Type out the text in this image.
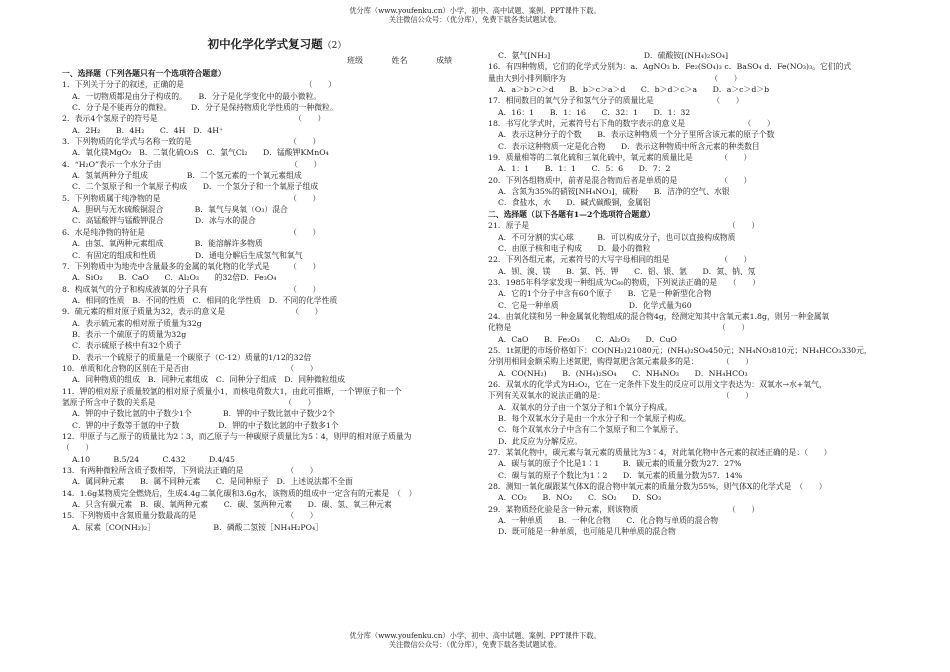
优分库（www.youfenku.cn）小学、初中、高中试题、案例、PPT课件下载。
关注微信公众号：（优分库），免费下载各类试题试卷。
初中化学化学式复习题（2）
班级 姓名 成绩
一、选择题（下列各题只有一个选项符合题意）
1．下列关于分子的叙述，正确的是　　　　　　　　　　　　　　　　（　　）
A．一切物质都是由分子构成的。　　B．分子是化学变化中的最小微粒。
C．分子是不能再分的微粒。　　　D．分子是保持物质化学性质的一种微粒。
2．表示4个氢原子的符号是　　　　　　　　　　　　　　　　　　（　　）
A．2H₂　　B．4H₂　　C．4H　D．4H⁺
3．下列物质的化学式与名称一致的是　　　　　　　　　　　　　（　　）
A．氧化镁MgO₂　B．二氧化硫O₂S　C．氯气Cl₂　　D．锰酸钾KMnO₄
4．“H₂O”表示一个水分子由　　　　　　　　　　　　　　　　　（　　）
A．氢氧两种分子组成　　　　　B．二个氢元素的一个氧元素组成
C．二个氢原子和一个氧原子构成　　D．一个氢分子和一个氧原子组成
5．下列物质属于纯净物的是　　　　　　　　　　　　　　　　　（　　）
A．胆矾与无水硫酸铜混合　　　　B．氧气与臭氧（O₃）混合
C．高锰酸钾与锰酸钾混合　　　　D．冰与水的混合
6．水是纯净物的特征是　　　　　　　　　　　　　　　　　　　（　　）
A．由氢、氧两种元素组成　　　　B．能溶解许多物质
C．有固定的组成和性质　　　　　D．通电分解后生成氢气和氧气
7．下列物质中为地壳中含量最多的金属的氧化物的化学式是　　　（　　）
A．SiO₂　　B．CaO　　C．Al₂O₃　　的32倍D．Fe₃O₄
8．构成氧气的分子和构成液氧的分子具有　　　　　　　　　　　（　　）
A．相同的性质　B．不同的性质　C．相同的化学性质　D．不同的化学性质
9．硫元素的相对原子质量为32，表示的意义是　　　　　　　　　（　　）
A．表示硫元素的相对原子质量为32g
B．表示一个硫原子的质量为32g
C．表示硫原子核中有32个质子
D．表示一个硫原子的质量是一个碳原子（C-12）质量的1/12的32倍
10．单质和化合物的区别在于是否由　　　　　　　　　　　　　（　　）
A．同种物质的组成　B．同种元素组成　C．同种分子组成　D．同种微粒组成
11．钾的相对原子质量较氩的相对原子质量小1，而核电荷数大1，由此可推断，一个钾原子和一个
氩原子所含中子数的关系是　　　　　　　　　　　　　　　　　（　　）
A．钾的中子数比氩的中子数少1个　　　　B．钾的中子数比氩中子数少2个
C．钾的中子数等于氩的中子数　　　　　D．钾的中子数比氩的中子数多1个
12．甲原子与乙原子的质量比为2∶3，而乙原子与一种碳原子质量比为5∶4，则甲的相对原子质量为
（　　）
A.10　　　B.5/24　　　C.432　　　D.4/45
13．有两种微粒所含质子数相等，下列说法正确的是　　　　　　（　　）
A．属同种元素　　B．属不同种元素　　C．是同种原子　D．上述说法都不全面
14．1.6g某物质完全燃烧后，生成4.4g二氧化碳和3.6g水，该物质的组成中一定含有的元素是　（　）
A．只含有碳元素　B．碳、氧两种元素　　C．碳、氢两种元素　　D．碳、氢、氧三种元素
15．下列物质中含氮质量分数最高的是　　　　　　　　　　　　（　　）
A．尿素［CO(NH₂)₂］　　　　　　　　B．磷酸二氢铵［NH₄H₂PO₄］
C．氨气[NH₃]　　　　　　　　　　　　D．硫酸铵[(NH₄)₂SO₄]
16．有四种物质，它们的化学式分别为：a．AgNO₃ b．Fe₂(SO₄)₃ c．BaSO₄ d．Fe(NO₃)₃。它们的式
量由大到小排列顺序为　　　　　　　　　　　　　　　　　　　（　　）
A．a＞b＞c＞d　　B．b＞c＞a＞d　　C．b＞d＞c＞a　　D．a＞c＞d＞b
17．相同数目的氧气分子和氢气分子的质量比是　　　　　　　　（　　）
A．16：1　　B．1：16　　C．32：1　　D．1：32
18．书写化学式时，元素符号右下角的数字表示的意义是　　　　　　　　（　　）
A．表示这种分子的个数　　B．表示这种物质一个分子里所含该元素的原子个数
C．表示这种物质一定是化合物　　D．表示这种物质中所含元素的种类数目
19．质量相等的二氧化硫和三氧化硫中，氧元素的质量比是　　　　（　　）
A．1：1　　B．1：1　　C．5：6　　D．7：2
20．下列各组物质中，前者是混合物而后者是单质的是　　　　　　（　　）
A．含氮为35%的硝铵[NH₄NO₃]，硫粉　　B．洁净的空气、水银
C．食盐水，水　　D．碱式碳酸铜，金属铝
二、选择题（以下各题有1—2个选项符合题意）
21．原子是　　　　　　　　　　　　　　　　　　　　　　　　　　（　　）
A．不可分割的实心球　　　B．可以构成分子，也可以直接构成物质
C．由原子核和电子构成　　D．最小的微粒
22．下列各组元素，元素符号的大写字母相同的组是　　　　　　　（　　）
A．钡、溴、镁　　B．氯、钙、钾　　C．铝、银、氩　　D．氮、钠、氖
23．1985年科学家发现一种组成为C₆₀的物质，下列说法正确的是　　（　　）
A．它的1个分子中含有60个原子　　B．它是一种新型化合物
C．它是一种单质　　　　　　　　　D．化学式量为60
24．由氧化镁和另一种金属氧化物组成的混合物4g，经测定知其中含氧元素1.8g，则另一种金属氧
化物是　　　　　　　　　　　　　　　　　　　　　　　　　　　（　　）
A．CaO　　B．Fe₂O₃　　C．Al₂O₃　　D．CuO
25．1t氮肥的市场价格如下：CO(NH₂)21080元；(NH₄)₂SO₄450元；NH₄NO₃810元；NH₄HCO₃330元，
分别用相同金额采购上述氮肥，购得氮肥含氮元素最多的是：　　　　（　　）
A．CO(NH₂)　　B．(NH₄)₂SO₄　　C．NH₄NO₃　　D．NH₄HCO₃
26．双氧水的化学式为H₂O₂，它在一定条件下发生的反应可以用文字表达为：双氧水→水+氧气，
下列有关双氧水的说法正确的是：　　　　　　　　　　　　　　　　（　　）
A．双氧水的分子由一个氢分子和1个氧分子构成。
B．每个双氧水分子是由一个水分子和一个氧原子构成。
C．每个双氧水分子中含有二个氢原子和二个氧原子。
D．此反应为分解反应。
27．某氧化物中，碳元素与氧元素的质量比为3∶4，对此氧化物中各元素的叙述正确的是：（　　）
A．碳与氧的原子个比是1∶1　　　B．碳元素的质量分数为27．27%
C．碳与氧的原子个数比为1∶2　　D．氧元素的质量分数为57．14%
28．测知一氧化碳跟某气体X的混合物中氧元素的质量分数为55%，则气体X的化学式是　（　　）
A．CO₂　　B．NO₂　　C．SO₂　　D．SO₃
29．某物质经化验是含一种元素，则该物质　　　　　　　　　　　　（　　）
A．一种单质　　B．一种化合物　　C．化合物与单质的混合物
D．既可能是一种单质，也可能是几种单质的混合物
优分库（www.youfenku.cn）小学、初中、高中试题、案例、PPT课件下载。
关注微信公众号：（优分库），免费下载各类试题试卷。
